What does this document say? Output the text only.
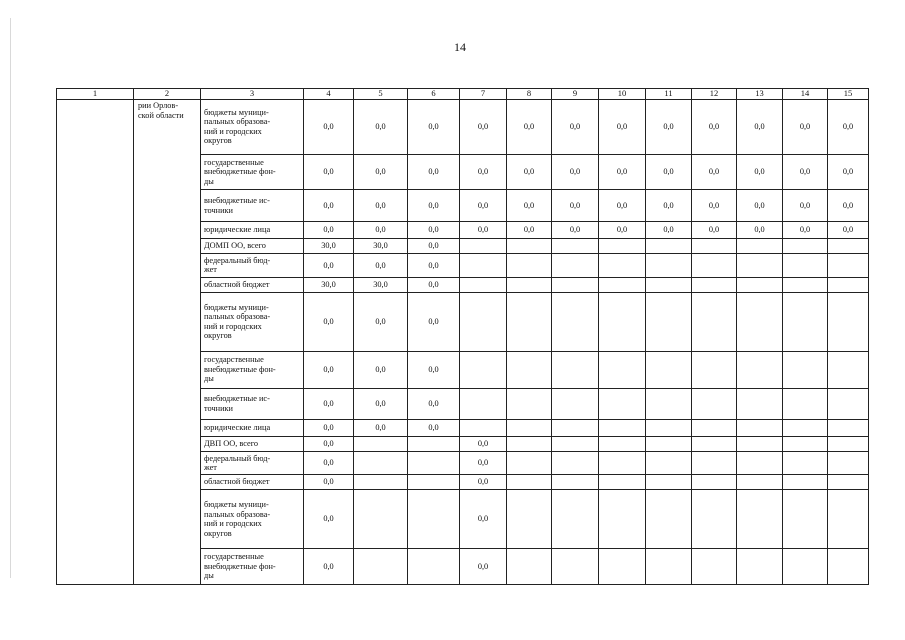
14
1	2	3	4	5	6	7	8	9	10	11	12	13	14	15
	рии Орлов-
ской области	бюджеты муници-
пальных образова-
ний и городских
округов	0,0	0,0	0,0	0,0	0,0	0,0	0,0	0,0	0,0	0,0	0,0	0,0
		государственные
внебюджетные фон-
ды	0,0	0,0	0,0	0,0	0,0	0,0	0,0	0,0	0,0	0,0	0,0	0,0
		внебюджетные ис-
точники	0,0	0,0	0,0	0,0	0,0	0,0	0,0	0,0	0,0	0,0	0,0	0,0
		юридические лица	0,0	0,0	0,0	0,0	0,0	0,0	0,0	0,0	0,0	0,0	0,0	0,0
		ДОМП ОО, всего	30,0	30,0	0,0									
		федеральный бюд-
жет	0,0	0,0	0,0									
		областной бюджет	30,0	30,0	0,0									
		бюджеты муници-
пальных образова-
ний и городских
округов	0,0	0,0	0,0									
		государственные
внебюджетные фон-
ды	0,0	0,0	0,0									
		внебюджетные ис-
точники	0,0	0,0	0,0									
		юридические лица	0,0	0,0	0,0									
		ДВП ОО, всего	0,0			0,0								
		федеральный бюд-
жет	0,0			0,0								
		областной бюджет	0,0			0,0								
		бюджеты муници-
пальных образова-
ний и городских
округов	0,0			0,0								
		государственные
внебюджетные фон-
ды	0,0			0,0								
